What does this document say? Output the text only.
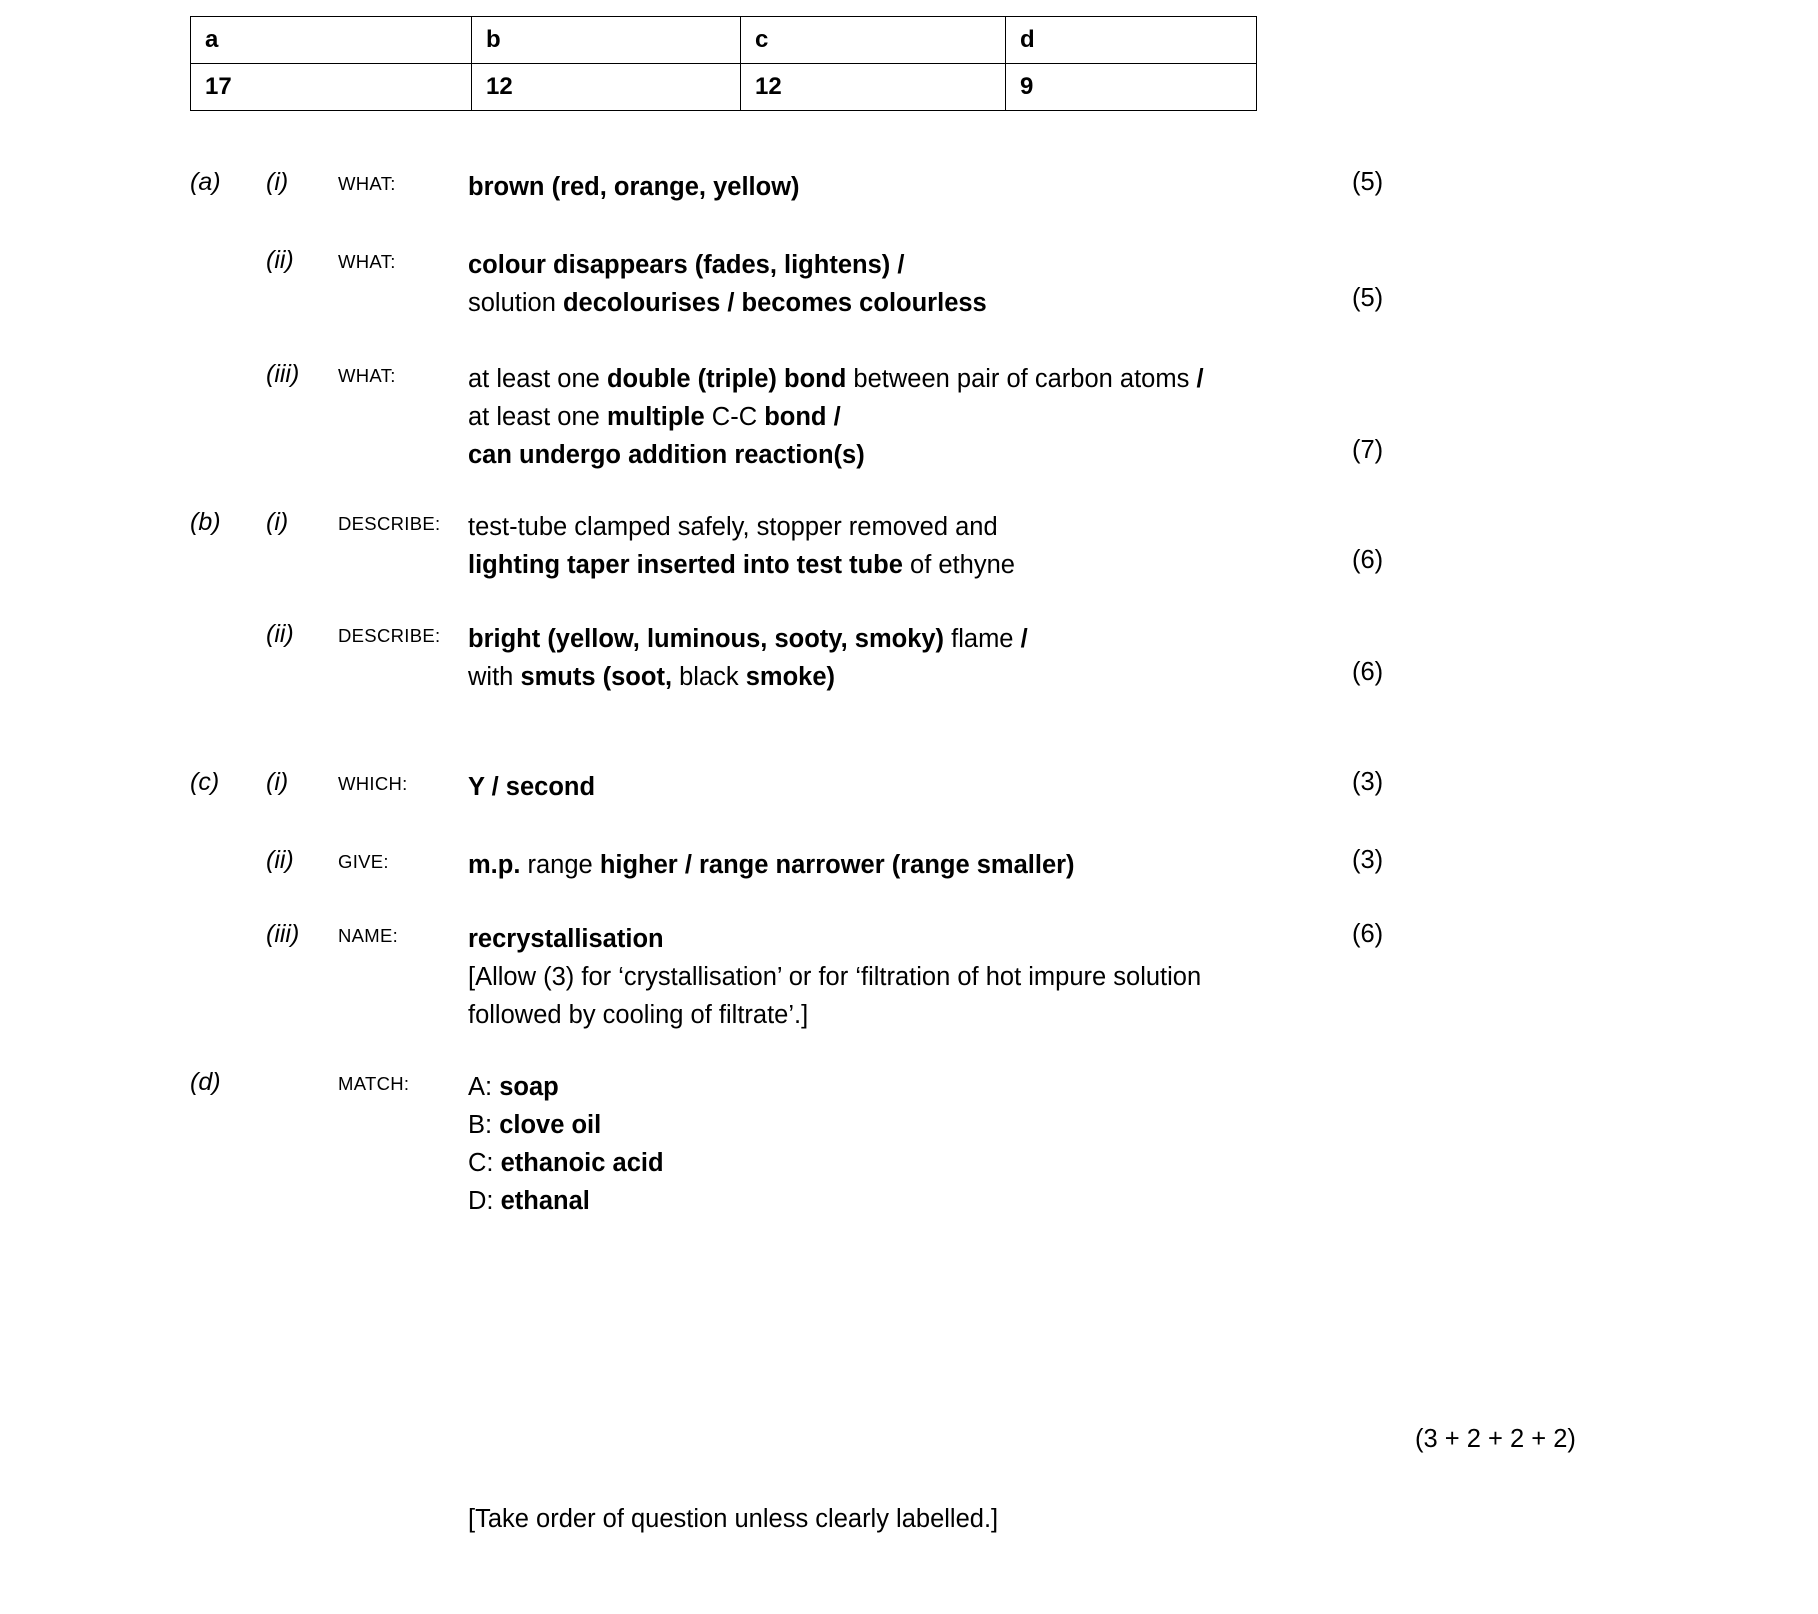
a	b	c	d
17	12	12	9
(a)	(i)	WHAT:	brown (red, orange, yellow)	(5)
(ii)	WHAT:	colour disappears (fades, lightens) /
solution decolourises / becomes colourless	(5)
(iii)	WHAT:	at least one double (triple) bond between pair of carbon atoms /
at least one multiple C-C bond /
can undergo addition reaction(s)	(7)
(b)	(i)	DESCRIBE:	test-tube clamped safely, stopper removed and
lighting taper inserted into test tube of ethyne	(6)
(ii)	DESCRIBE:	bright (yellow, luminous, sooty, smoky) flame /
with smuts (soot, black smoke)	(6)
(c)	(i)	WHICH:	Y / second	(3)
(ii)	GIVE:	m.p. range higher / range narrower (range smaller)	(3)
(iii)	NAME:	recrystallisation
[Allow (3) for ‘crystallisation’ or for ‘filtration of hot impure solution
followed by cooling of filtrate’.]
(6)
(d)	MATCH:	A: soap
B: clove oil
C: ethanoic acid
D: ethanal
(3 + 2 + 2 + 2)
[Take order of question unless clearly labelled.]
